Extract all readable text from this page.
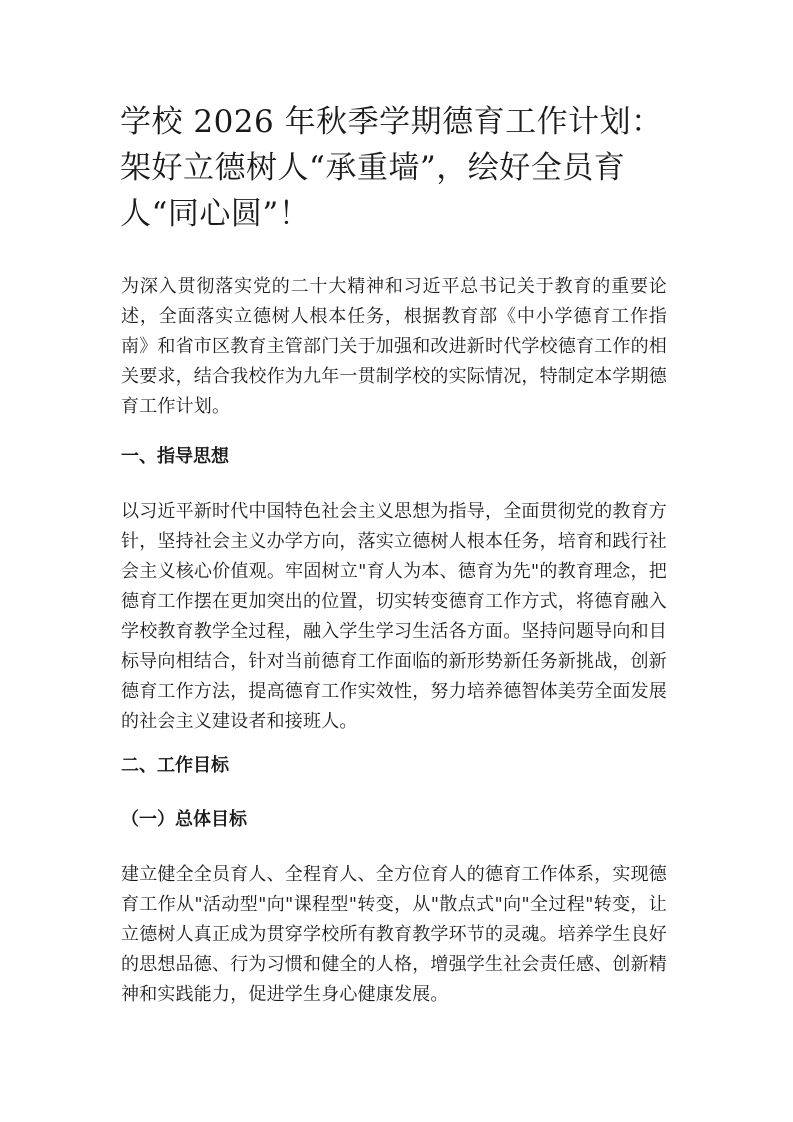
学校 2026 年秋季学期德育工作计划：架好立德树人“承重墙”，绘好全员育人“同心圆”！

为深入贯彻落实党的二十大精神和习近平总书记关于教育的重要论述，全面落实立德树人根本任务，根据教育部《中小学德育工作指南》和省市区教育主管部门关于加强和改进新时代学校德育工作的相关要求，结合我校作为九年一贯制学校的实际情况，特制定本学期德育工作计划。

一、指导思想

以习近平新时代中国特色社会主义思想为指导，全面贯彻党的教育方针，坚持社会主义办学方向，落实立德树人根本任务，培育和践行社会主义核心价值观。牢固树立"育人为本、德育为先"的教育理念，把德育工作摆在更加突出的位置，切实转变德育工作方式，将德育融入学校教育教学全过程，融入学生学习生活各方面。坚持问题导向和目标导向相结合，针对当前德育工作面临的新形势新任务新挑战，创新德育工作方法，提高德育工作实效性，努力培养德智体美劳全面发展的社会主义建设者和接班人。

二、工作目标
（一）总体目标

建立健全全员育人、全程育人、全方位育人的德育工作体系，实现德育工作从"活动型"向"课程型"转变，从"散点式"向"全过程"转变，让立德树人真正成为贯穿学校所有教育教学环节的灵魂。培养学生良好的思想品德、行为习惯和健全的人格，增强学生社会责任感、创新精神和实践能力，促进学生身心健康发展。
